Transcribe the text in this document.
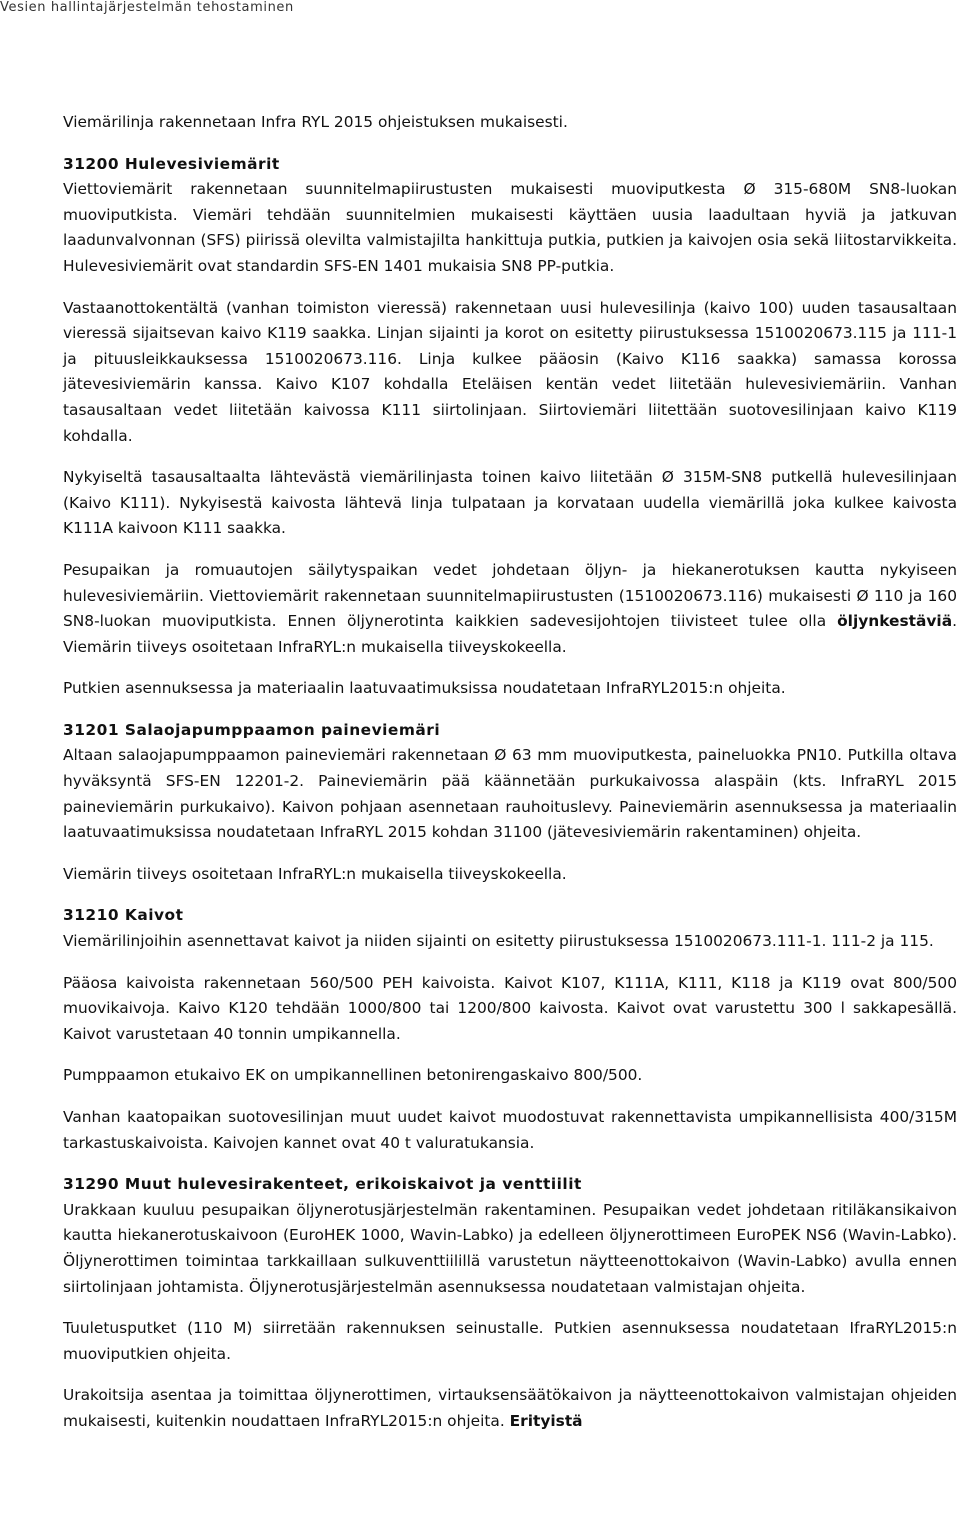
Vesien hallintajärjestelmän tehostaminen

Viemärilinja rakennetaan Infra RYL 2015 ohjeistuksen mukaisesti.

31200 Hulevesiviemärit

Viettoviemärit rakennetaan suunnitelmapiirustusten mukaisesti muoviputkesta Ø 315-680M SN8-luokan muoviputkista. Viemäri tehdään suunnitelmien mukaisesti käyttäen uusia laadultaan hyviä ja jatkuvan laadunvalvonnan (SFS) piirissä olevilta valmistajilta hankittuja putkia, putkien ja kaivojen osia sekä liitostarvikkeita. Hulevesiviemärit ovat standardin SFS-EN 1401 mukaisia SN8 PP-putkia.

Vastaanottokentältä (vanhan toimiston vieressä) rakennetaan uusi hulevesilinja (kaivo 100) uuden tasausaltaan vieressä sijaitsevan kaivo K119 saakka. Linjan sijainti ja korot on esitetty piirustuksessa 1510020673.115 ja 111-1 ja pituusleikkauksessa 1510020673.116. Linja kulkee pääosin (Kaivo K116 saakka) samassa korossa jätevesiviemärin kanssa. Kaivo K107 kohdalla Eteläisen kentän vedet liitetään hulevesiviemäriin. Vanhan tasausaltaan vedet liitetään kaivossa K111 siirtolinjaan. Siirtoviemäri liitettään suotovesilinjaan kaivo K119 kohdalla.

Nykyiseltä tasausaltaalta lähtevästä viemärilinjasta toinen kaivo liitetään Ø 315M-SN8 putkellä hulevesilinjaan (Kaivo K111). Nykyisestä kaivosta lähtevä linja tulpataan ja korvataan uudella viemärillä joka kulkee kaivosta K111A kaivoon K111 saakka.

Pesupaikan ja romuautojen säilytyspaikan vedet johdetaan öljyn- ja hiekanerotuksen kautta nykyiseen hulevesiviemäriin. Viettoviemärit rakennetaan suunnitelmapiirustusten (1510020673.116) mukaisesti Ø 110 ja 160 SN8-luokan muoviputkista. Ennen öljynerotinta kaikkien sadevesijohtojen tiivisteet tulee olla öljynkestäviä. Viemärin tiiveys osoitetaan InfraRYL:n mukaisella tiiveyskokeella.

Putkien asennuksessa ja materiaalin laatuvaatimuksissa noudatetaan InfraRYL2015:n ohjeita.

31201 Salaojapumppaamon paineviemäri

Altaan salaojapumppaamon paineviemäri rakennetaan Ø 63 mm muoviputkesta, paineluokka PN10. Putkilla oltava hyväksyntä SFS-EN 12201-2. Paineviemärin pää käännetään purkukaivossa alaspäin (kts. InfraRYL 2015 paineviemärin purkukaivo). Kaivon pohjaan asennetaan rauhoituslevy. Paineviemärin asennuksessa ja materiaalin laatuvaatimuksissa noudatetaan InfraRYL 2015 kohdan 31100 (jätevesiviemärin rakentaminen) ohjeita.

Viemärin tiiveys osoitetaan InfraRYL:n mukaisella tiiveyskokeella.

31210 Kaivot

Viemärilinjoihin asennettavat kaivot ja niiden sijainti on esitetty piirustuksessa 1510020673.111-1. 111-2 ja 115.

Pääosa kaivoista rakennetaan 560/500 PEH kaivoista. Kaivot K107, K111A, K111, K118 ja K119 ovat 800/500 muovikaivoja. Kaivo K120 tehdään 1000/800 tai 1200/800 kaivosta. Kaivot ovat varustettu 300 l sakkapesällä. Kaivot varustetaan 40 tonnin umpikannella.

Pumppaamon etukaivo EK on umpikannellinen betonirengaskaivo 800/500.

Vanhan kaatopaikan suotovesilinjan muut uudet kaivot muodostuvat rakennettavista umpikannellisista 400/315M tarkastuskaivoista. Kaivojen kannet ovat 40 t valuratukansia.

31290 Muut hulevesirakenteet, erikoiskaivot ja venttiilit

Urakkaan kuuluu pesupaikan öljynerotusjärjestelmän rakentaminen. Pesupaikan vedet johdetaan ritiläkansikaivon kautta hiekanerotuskaivoon (EuroHEK 1000, Wavin-Labko) ja edelleen öljynerottimeen EuroPEK NS6 (Wavin-Labko). Öljynerottimen toimintaa tarkkaillaan sulkuventtiilillä varustetun näytteenottokaivon (Wavin-Labko) avulla ennen siirtolinjaan johtamista. Öljynerotusjärjestelmän asennuksessa noudatetaan valmistajan ohjeita.

Tuuletusputket (110 M) siirretään rakennuksen seinustalle. Putkien asennuksessa noudatetaan IfraRYL2015:n muoviputkien ohjeita.

Urakoitsija asentaa ja toimittaa öljynerottimen, virtauksensäätökaivon ja näytteenottokaivon valmistajan ohjeiden mukaisesti, kuitenkin noudattaen InfraRYL2015:n ohjeita. Erityistä
